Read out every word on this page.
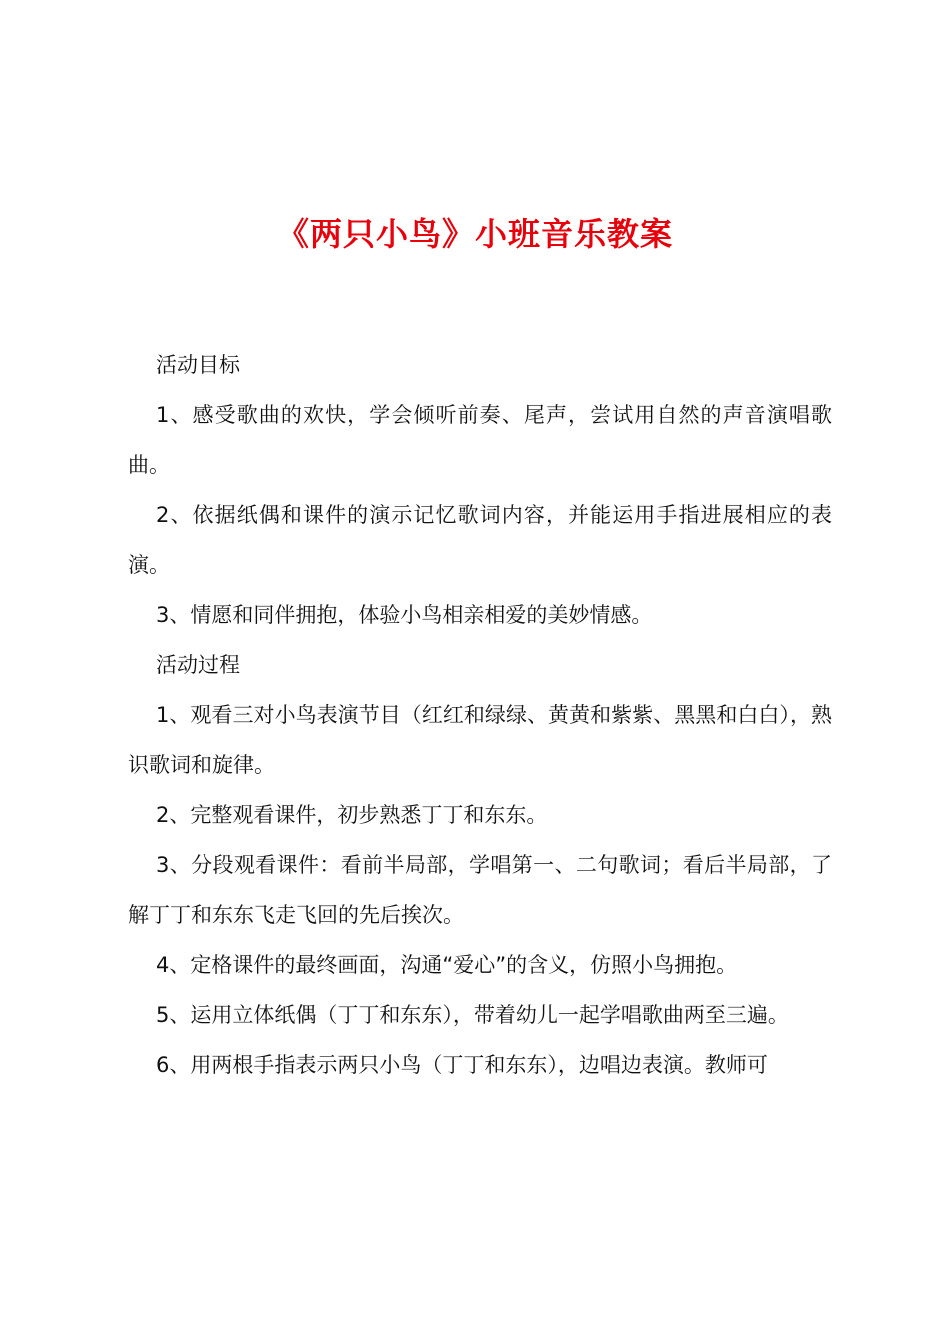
《两只小鸟》小班音乐教案

活动目标

1、感受歌曲的欢快，学会倾听前奏、尾声，尝试用自然的声音演唱歌曲。

2、依据纸偶和课件的演示记忆歌词内容，并能运用手指进展相应的表演。

3、情愿和同伴拥抱，体验小鸟相亲相爱的美妙情感。

活动过程

1、观看三对小鸟表演节目（红红和绿绿、黄黄和紫紫、黑黑和白白），熟识歌词和旋律。

2、完整观看课件，初步熟悉丁丁和东东。

3、分段观看课件：看前半局部，学唱第一、二句歌词；看后半局部，了解丁丁和东东飞走飞回的先后挨次。

4、定格课件的最终画面，沟通“爱心”的含义，仿照小鸟拥抱。

5、运用立体纸偶（丁丁和东东），带着幼儿一起学唱歌曲两至三遍。

6、用两根手指表示两只小鸟（丁丁和东东），边唱边表演。教师可
